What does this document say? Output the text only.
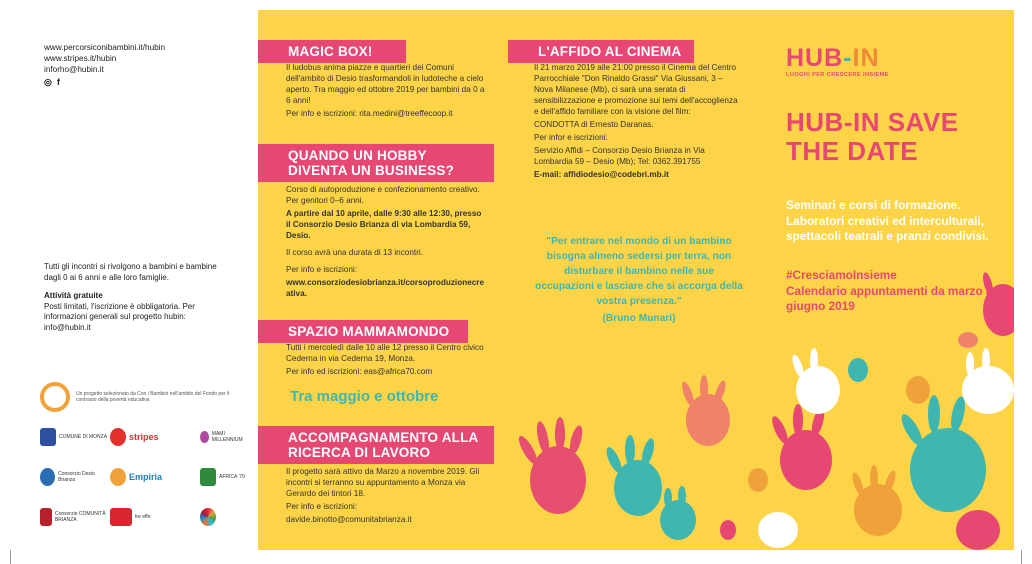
www.percorsiconibambini.it/hubin
www.stripes.it/hubin
inforho@hubin.it
◎ f

Tutti gli incontri si rivolgono a bambini e bambine dagli 0 ai 6 anni e alle loro famiglie.

Attività gratuite
Posti limitati, l'iscrizione è obbligatoria. Per informazioni generali sul progetto hubin: info@hubin.it

Un progetto selezionato da Con i Bambini nell'ambito del Fondo per il contrasto della povertà educativa
COMUNE DI MONZA stripes	MAMI MILLENNIUM
Consorzio Desio Brianza	Empiria	AFRICA '70
Consorzio COMUNITÀ BRIANZA	tre effe
MAGIC BOX!

Il ludobus anima piazze e quartieri dei Comuni dell'ambito di Desio trasformandoli in ludoteche a cielo aperto. Tra maggio ed ottobre 2019 per bambini da 0 a 6 anni!

Per info e iscrizioni: rita.medini@treeffecoop.it

QUANDO UN HOBBY
DIVENTA UN BUSINESS?

Corso di autoproduzione e confezionamento creativo. Per genitori 0–6 anni.

A partire dal 10 aprile, dalle 9:30 alle 12:30, presso il Consorzio Desio Brianza di via Lombardia 59, Desio.

Il corso avrà una durata di 13 incontri.

Per info e iscrizioni:

www.consorziodesiobrianza.it/corsoproduzionecreativa.

SPAZIO MAMMAMONDO

Tutti i mercoledì dalle 10 alle 12 presso il Centro civico Cederna in via Cederna 19, Monza.

Per info ed iscrizioni: eas@africa70.com

Tra maggio e ottobre
ACCOMPAGNAMENTO ALLA
RICERCA DI LAVORO

Il progetto sarà attivo da Marzo a novembre 2019. Gli incontri si terranno su appuntamento a Monza via Gerardo dei tintori 18.

Per info e iscrizioni:

davide.binotto@comunitabrianza.it

L'AFFIDO AL CINEMA

Il 21 marzo 2019 alle 21:00 presso il Cinema del Centro Parrocchiale "Don Rinaldo Grassi" Via Giussani, 3 – Nova Milanese (Mb), ci sarà una serata di sensibilizzazione e promozione sui temi dell'accoglienza e dell'affido familiare con la visione del film:

CONDOTTA di Ernesto Daranas.

Per infor e iscrizioni:

Servizio Affidi – Consorzio Desio Brianza in Via Lombardia 59 – Desio (Mb); Tel: 0362.391755

E-mail: affidiodesio@codebri.mb.it

"Per entrare nel mondo di un bambino bisogna almeno sedersi per terra, non disturbare il bambino nelle sue occupazioni e lasciare che si accorga della vostra presenza."
(Bruno Munari)
HUB-IN
LUOGHI PER CRESCERE INSIEME
HUB-IN SAVE
THE DATE
Seminari e corsi di formazione. Laboratori creativi ed interculturali, spettacoli teatrali e pranzi condivisi.
#CresciamoInsieme
Calendario appuntamenti da marzo a giugno 2019
